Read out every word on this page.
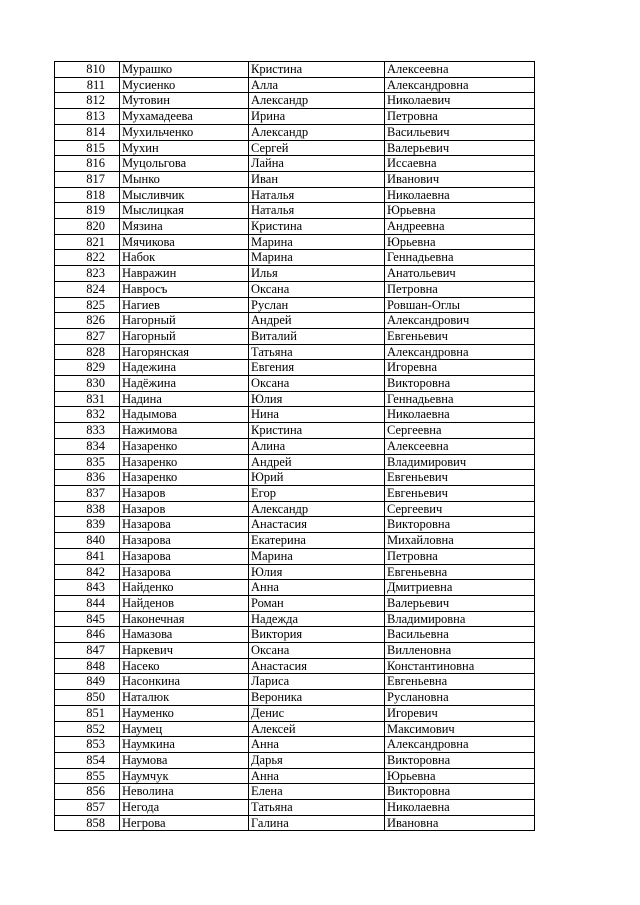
810	Мурашко	Кристина	Алексеевна
811	Мусиенко	Алла	Александровна
812	Мутовин	Александр	Николаевич
813	Мухамадеева	Ирина	Петровна
814	Мухильченко	Александр	Васильевич
815	Мухин	Сергей	Валерьевич
816	Муцольгова	Лайна	Иссаевна
817	Мынко	Иван	Иванович
818	Мысливчик	Наталья	Николаевна
819	Мыслицкая	Наталья	Юрьевна
820	Мязина	Кристина	Андреевна
821	Мячикова	Марина	Юрьевна
822	Набок	Марина	Геннадьевна
823	Навражин	Илья	Анатольевич
824	Навросъ	Оксана	Петровна
825	Нагиев	Руслан	Ровшан-Оглы
826	Нагорный	Андрей	Александрович
827	Нагорный	Виталий	Евгеньевич
828	Нагорянская	Татьяна	Александровна
829	Надежина	Евгения	Игоревна
830	Надёжина	Оксана	Викторовна
831	Надина	Юлия	Геннадьевна
832	Надымова	Нина	Николаевна
833	Нажимова	Кристина	Сергеевна
834	Назаренко	Алина	Алексеевна
835	Назаренко	Андрей	Владимирович
836	Назаренко	Юрий	Евгеньевич
837	Назаров	Егор	Евгеньевич
838	Назаров	Александр	Сергеевич
839	Назарова	Анастасия	Викторовна
840	Назарова	Екатерина	Михайловна
841	Назарова	Марина	Петровна
842	Назарова	Юлия	Евгеньевна
843	Найденко	Анна	Дмитриевна
844	Найденов	Роман	Валерьевич
845	Наконечная	Надежда	Владимировна
846	Намазова	Виктория	Васильевна
847	Наркевич	Оксана	Вилленовна
848	Насеко	Анастасия	Константиновна
849	Насонкина	Лариса	Евгеньевна
850	Наталюк	Вероника	Руслановна
851	Науменко	Денис	Игоревич
852	Наумец	Алексей	Максимович
853	Наумкина	Анна	Александровна
854	Наумова	Дарья	Викторовна
855	Наумчук	Анна	Юрьевна
856	Неволина	Елена	Викторовна
857	Негода	Татьяна	Николаевна
858	Негрова	Галина	Ивановна
